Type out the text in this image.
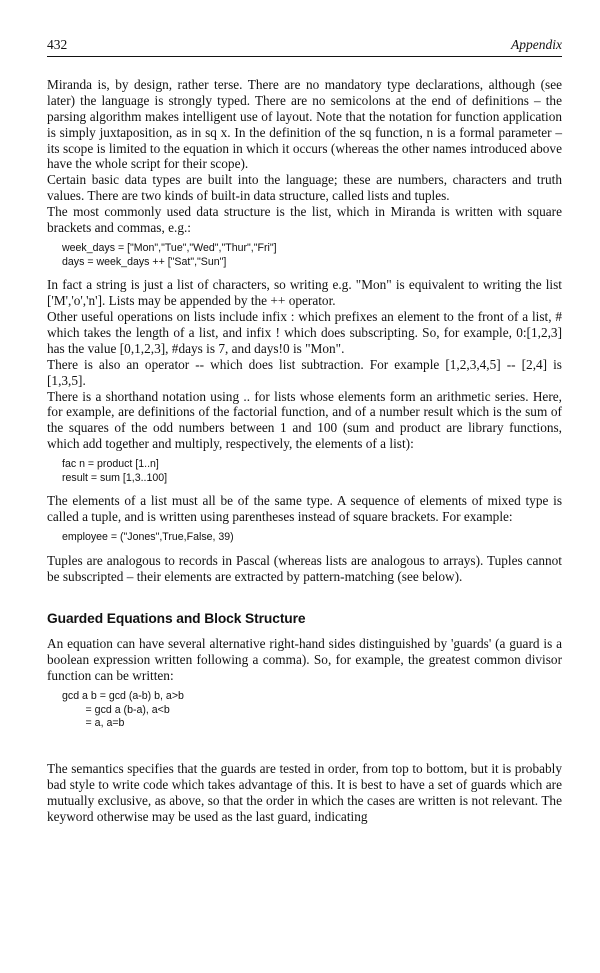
432	Appendix

Miranda is, by design, rather terse. There are no mandatory type declarations, although (see later) the language is strongly typed. There are no semicolons at the end of definitions – the parsing algorithm makes intelligent use of layout. Note that the notation for function application is simply juxtaposition, as in sq x. In the definition of the sq function, n is a formal parameter – its scope is limited to the equation in which it occurs (whereas the other names introduced above have the whole script for their scope).

Certain basic data types are built into the language; these are numbers, characters and truth values. There are two kinds of built-in data structure, called lists and tuples.

The most commonly used data structure is the list, which in Miranda is written with square brackets and commas, e.g.:

week_days = ["Mon","Tue","Wed","Thur","Fri"]
days = week_days ++ ["Sat","Sun"]

In fact a string is just a list of characters, so writing e.g. "Mon" is equivalent to writing the list ['M','o','n']. Lists may be appended by the ++ operator.

Other useful operations on lists include infix : which prefixes an element to the front of a list, # which takes the length of a list, and infix ! which does subscripting. So, for example, 0:[1,2,3] has the value [0,1,2,3], #days is 7, and days!0 is "Mon".

There is also an operator -- which does list subtraction. For example [1,2,3,4,5] -- [2,4] is [1,3,5].

There is a shorthand notation using .. for lists whose elements form an arithmetic series. Here, for example, are definitions of the factorial function, and of a number result which is the sum of the squares of the odd numbers between 1 and 100 (sum and product are library functions, which add together and multiply, respectively, the elements of a list):

fac n = product [1..n]
result = sum [1,3..100]

The elements of a list must all be of the same type. A sequence of elements of mixed type is called a tuple, and is written using parentheses instead of square brackets. For example:

employee = ("Jones",True,False, 39)

Tuples are analogous to records in Pascal (whereas lists are analogous to arrays). Tuples cannot be subscripted – their elements are extracted by pattern-matching (see below).

Guarded Equations and Block Structure

An equation can have several alternative right-hand sides distinguished by 'guards' (a guard is a boolean expression written following a comma). So, for example, the greatest common divisor function can be written:

gcd a b = gcd (a-b) b, a>b
= gcd a (b-a), a<b
= a, a=b

The semantics specifies that the guards are tested in order, from top to bottom, but it is probably bad style to write code which takes advantage of this. It is best to have a set of guards which are mutually exclusive, as above, so that the order in which the cases are written is not relevant. The keyword otherwise may be used as the last guard, indicating
